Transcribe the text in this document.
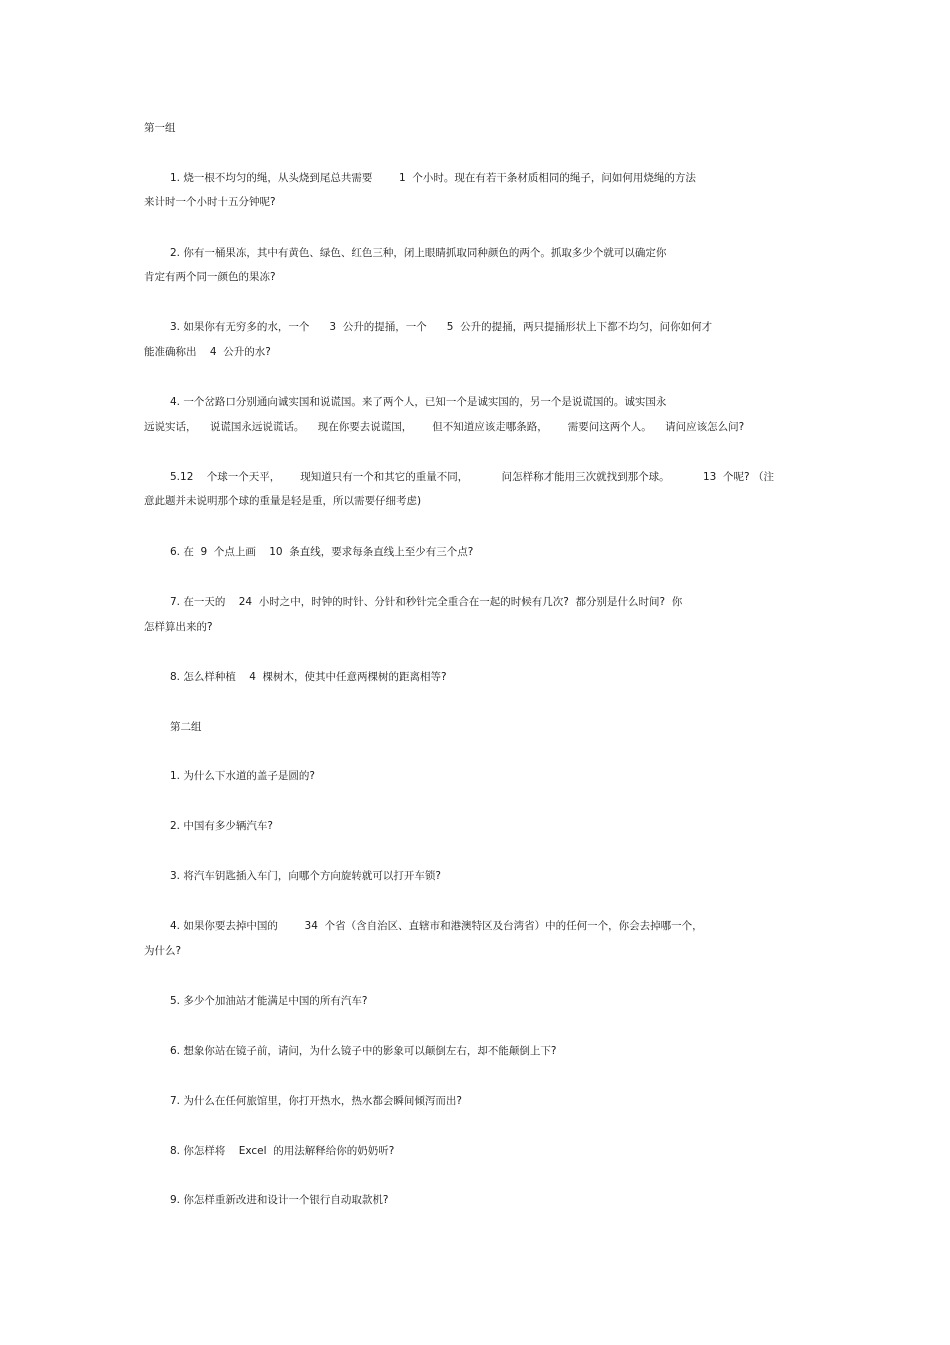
第一组
1. 烧一根不均匀的绳，从头烧到尾总共需要        1  个小时。现在有若干条材质相同的绳子，问如何用烧绳的方法
来计时一个小时十五分钟呢?
2. 你有一桶果冻，其中有黄色、绿色、红色三种，闭上眼睛抓取同种颜色的两个。抓取多少个就可以确定你
肯定有两个同一颜色的果冻?
3. 如果你有无穷多的水，一个      3  公升的提捅，一个      5  公升的提捅，两只提捅形状上下都不均匀，问你如何才
能准确称出    4  公升的水?
4. 一个岔路口分别通向诚实国和说谎国。来了两个人，已知一个是诚实国的，另一个是说谎国的。诚实国永
远说实话，    说谎国永远说谎话。    现在你要去说谎国，      但不知道应该走哪条路，      需要问这两个人。    请问应该怎么问?
5.12    个球一个天平，      现知道只有一个和其它的重量不同，          问怎样称才能用三次就找到那个球。          13  个呢? （注
意此题并未说明那个球的重量是轻是重，所以需要仔细考虑)
6. 在  9  个点上画    10  条直线，要求每条直线上至少有三个点?
7. 在一天的    24  小时之中，时钟的时针、分针和秒针完全重合在一起的时候有几次?  都分别是什么时间?  你
怎样算出来的?
8. 怎么样种植    4  棵树木，使其中任意两棵树的距离相等?
第二组
1. 为什么下水道的盖子是圆的?
2. 中国有多少辆汽车?
3. 将汽车钥匙插入车门，向哪个方向旋转就可以打开车锁?
4. 如果你要去掉中国的        34  个省（含自治区、直辖市和港澳特区及台湾省）中的任何一个，你会去掉哪一个，
为什么?
5. 多少个加油站才能满足中国的所有汽车?
6. 想象你站在镜子前，请问，为什么镜子中的影象可以颠倒左右，却不能颠倒上下?
7. 为什么在任何旅馆里，你打开热水，热水都会瞬间倾泻而出?
8. 你怎样将    Excel  的用法解释给你的奶奶听?
9. 你怎样重新改进和设计一个银行自动取款机?
